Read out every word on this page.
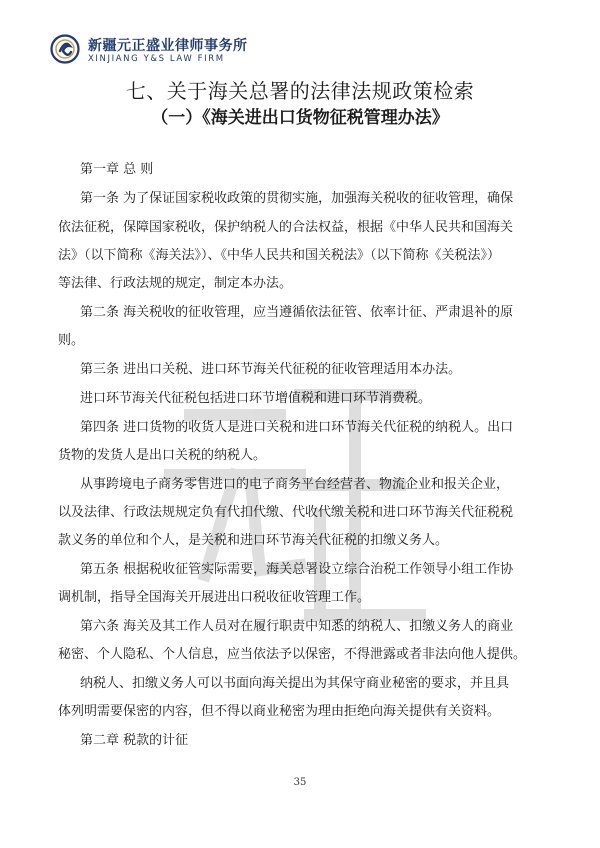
新疆元正盛业律师事务所
XINJIANG Y&S LAW FIRM
七、关于海关总署的法律法规政策检索
（一）《海关进出口货物征税管理办法》
第一章 总 则
第一条 为了保证国家税收政策的贯彻实施，加强海关税收的征收管理，确保
依法征税，保障国家税收，保护纳税人的合法权益，根据《中华人民共和国海关
法》（以下简称《海关法》）、《中华人民共和国关税法》（以下简称《关税法》）
等法律、行政法规的规定，制定本办法。
第二条 海关税收的征收管理，应当遵循依法征管、依率计征、严肃退补的原
则。
第三条 进出口关税、进口环节海关代征税的征收管理适用本办法。
进口环节海关代征税包括进口环节增值税和进口环节消费税。
第四条 进口货物的收货人是进口关税和进口环节海关代征税的纳税人。出口
货物的发货人是出口关税的纳税人。
从事跨境电子商务零售进口的电子商务平台经营者、物流企业和报关企业，
以及法律、行政法规规定负有代扣代缴、代收代缴关税和进口环节海关代征税税
款义务的单位和个人，是关税和进口环节海关代征税的扣缴义务人。
第五条 根据税收征管实际需要，海关总署设立综合治税工作领导小组工作协
调机制，指导全国海关开展进出口税收征收管理工作。
第六条 海关及其工作人员对在履行职责中知悉的纳税人、扣缴义务人的商业
秘密、个人隐私、个人信息，应当依法予以保密，不得泄露或者非法向他人提供。
纳税人、扣缴义务人可以书面向海关提出为其保守商业秘密的要求，并且具
体列明需要保密的内容，但不得以商业秘密为理由拒绝向海关提供有关资料。
第二章 税款的计征
35
